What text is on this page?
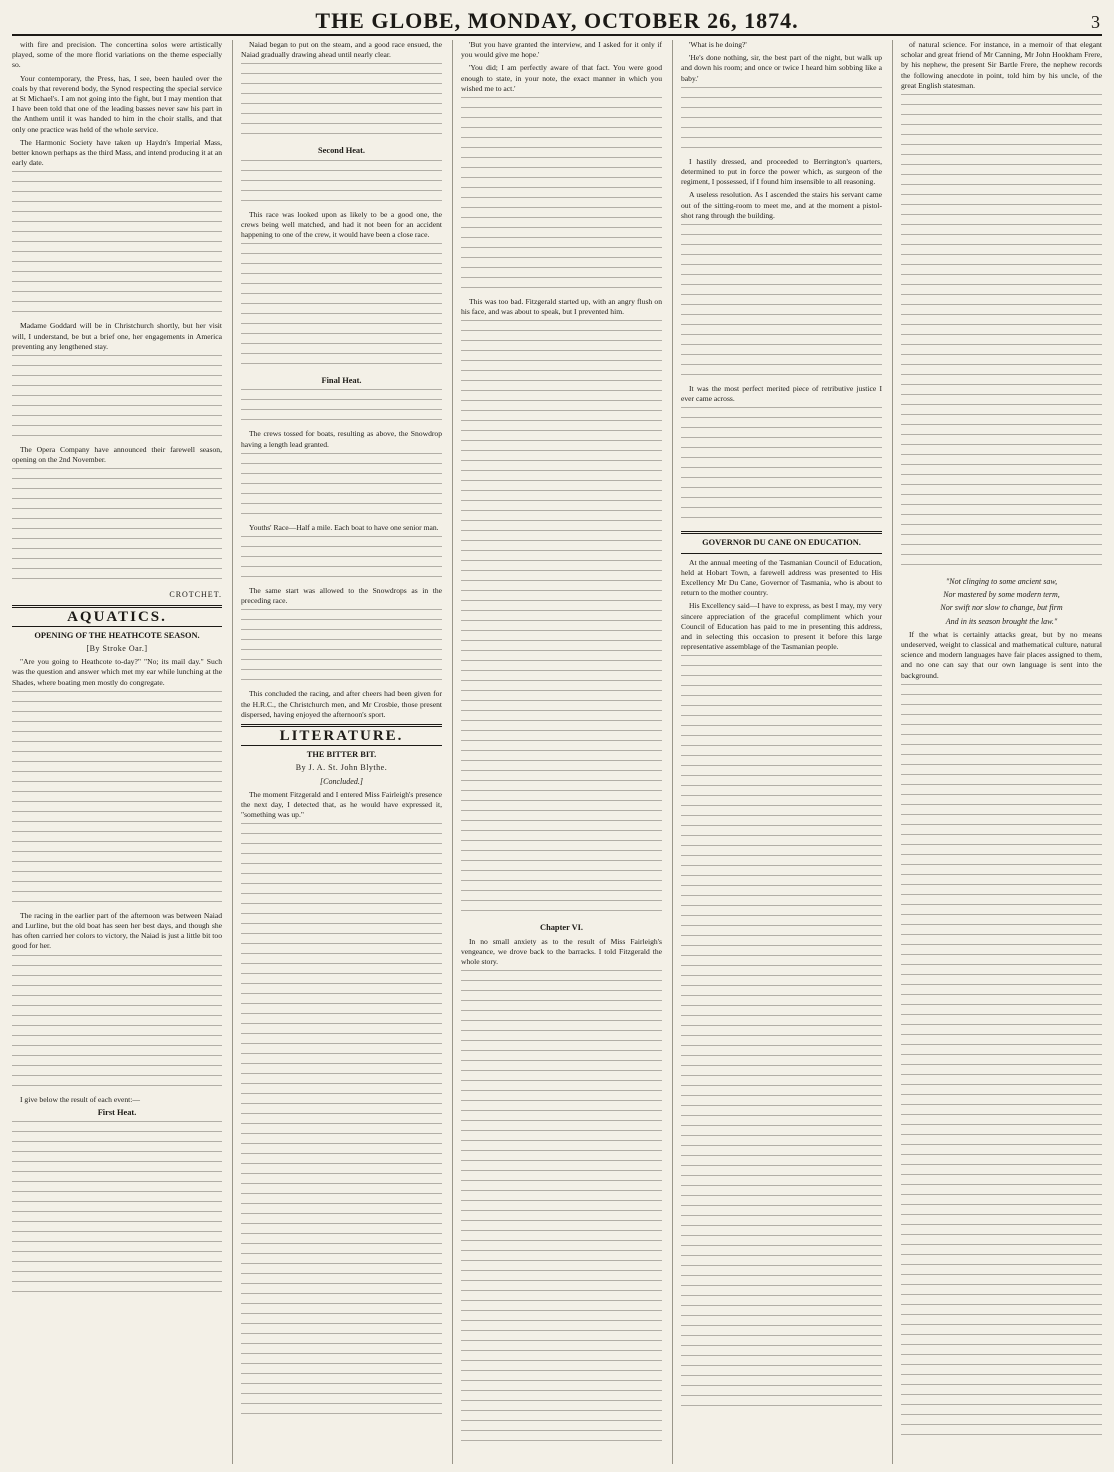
THE GLOBE, MONDAY, OCTOBER 26, 1874.	3

with fire and precision. The concertina solos were artistically played, some of the more florid variations on the theme especially so.

Your contemporary, the Press, has, I see, been hauled over the coals by that reverend body, the Synod respecting the special service at St Michael's. I am not going into the fight, but I may mention that I have been told that one of the leading basses never saw his part in the Anthem until it was handed to him in the choir stalls, and that only one practice was held of the whole service.

The Harmonic Society have taken up Haydn's Imperial Mass, better known perhaps as the third Mass, and intend producing it at an early date.

Madame Goddard will be in Christchurch shortly, but her visit will, I understand, be but a brief one, her engagements in America preventing any lengthened stay.

The Opera Company have announced their farewell season, opening on the 2nd November.

CROTCHET.
AQUATICS.
OPENING OF THE HEATHCOTE SEASON.
[By Stroke Oar.]

"Are you going to Heathcote to-day?" "No; its mail day." Such was the question and answer which met my ear while lunching at the Shades, where boating men mostly do congregate.

The racing in the earlier part of the afternoon was between Naiad and Lurline, but the old boat has seen her best days, and though she has often carried her colors to victory, the Naiad is just a little bit too good for her.

I give below the result of each event:—

First Heat.

Naiad began to put on the steam, and a good race ensued, the Naiad gradually drawing ahead until nearly clear.

Second Heat.

This race was looked upon as likely to be a good one, the crews being well matched, and had it not been for an accident happening to one of the crew, it would have been a close race.

Final Heat.

The crews tossed for boats, resulting as above, the Snowdrop having a length lead granted.

Youths' Race—Half a mile. Each boat to have one senior man.

The same start was allowed to the Snowdrops as in the preceding race.

This concluded the racing, and after cheers had been given for the H.R.C., the Christchurch men, and Mr Crosbie, those present dispersed, having enjoyed the afternoon's sport.

LITERATURE.
THE BITTER BIT.
By J. A. St. John Blythe.
[Concluded.]

The moment Fitzgerald and I entered Miss Fairleigh's presence the next day, I detected that, as he would have expressed it, "something was up."

'But you have granted the interview, and I asked for it only if you would give me hope.'

'You did; I am perfectly aware of that fact. You were good enough to state, in your note, the exact manner in which you wished me to act.'

This was too bad. Fitzgerald started up, with an angry flush on his face, and was about to speak, but I prevented him.

Chapter VI.

In no small anxiety as to the result of Miss Fairleigh's vengeance, we drove back to the barracks. I told Fitzgerald the whole story.

'What is he doing?'

'He's done nothing, sir, the best part of the night, but walk up and down his room; and once or twice I heard him sobbing like a baby.'

I hastily dressed, and proceeded to Berrington's quarters, determined to put in force the power which, as surgeon of the regiment, I possessed, if I found him insensible to all reasoning.

A useless resolution. As I ascended the stairs his servant came out of the sitting-room to meet me, and at the moment a pistol-shot rang through the building.

It was the most perfect merited piece of retributive justice I ever came across.

GOVERNOR DU CANE ON EDUCATION.

At the annual meeting of the Tasmanian Council of Education, held at Hobart Town, a farewell address was presented to His Excellency Mr Du Cane, Governor of Tasmania, who is about to return to the mother country.

His Excellency said—I have to express, as best I may, my very sincere appreciation of the graceful compliment which your Council of Education has paid to me in presenting this address, and in selecting this occasion to present it before this large representative assemblage of the Tasmanian people.

of natural science. For instance, in a memoir of that elegant scholar and great friend of Mr Canning, Mr John Hookham Frere, by his nephew, the present Sir Bartle Frere, the nephew records the following anecdote in point, told him by his uncle, of the great English statesman.

"Not clinging to some ancient saw,
Nor mastered by some modern term,
Nor swift nor slow to change, but firm
And in its season brought the law."

If the what is certainly attacks great, but by no means undeserved, weight to classical and mathematical culture, natural science and modern languages have fair places assigned to them, and no one can say that our own language is sent into the background.
